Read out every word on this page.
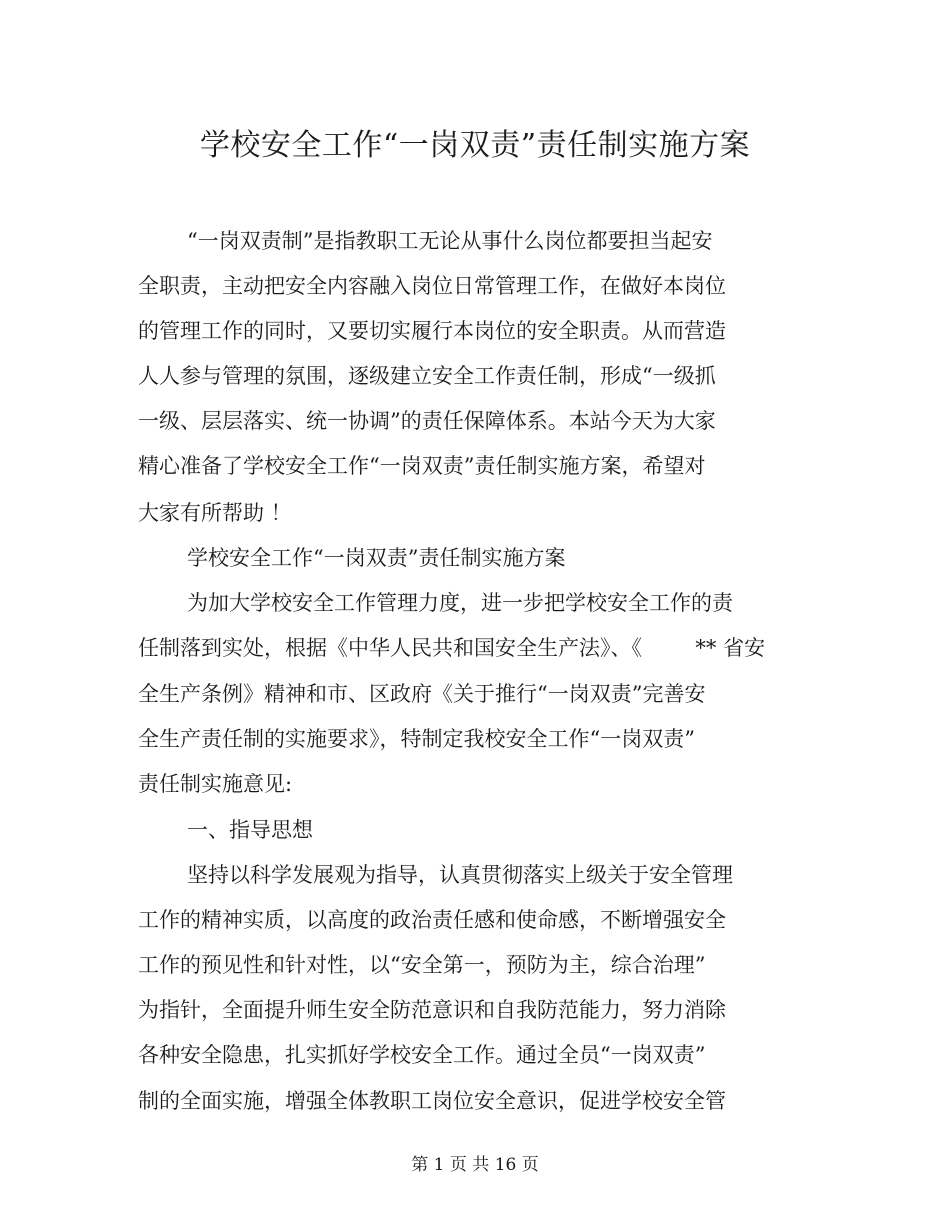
学校安全工作“一岗双责”责任制实施方案
“一岗双责制”是指教职工无论从事什么岗位都要担当起安
全职责，主动把安全内容融入岗位日常管理工作，在做好本岗位
的管理工作的同时，又要切实履行本岗位的安全职责。从而营造
人人参与管理的氛围，逐级建立安全工作责任制，形成“一级抓
一级、层层落实、统一协调”的责任保障体系。本站今天为大家
精心准备了学校安全工作“一岗双责”责任制实施方案，希望对
大家有所帮助 ！
学校安全工作“一岗双责”责任制实施方案
为加大学校安全工作管理力度，进一步把学校安全工作的责
任制落到实处，根据《中华人民共和国安全生产法》、《        ** 省安
全生产条例》精神和市、区政府《关于推行“一岗双责”完善安
全生产责任制的实施要求》，特制定我校安全工作“一岗双责”
责任制实施意见:
一、指导思想
坚持以科学发展观为指导，认真贯彻落实上级关于安全管理
工作的精神实质，以高度的政治责任感和使命感，不断增强安全
工作的预见性和针对性，以“安全第一，预防为主，综合治理”
为指针，全面提升师生安全防范意识和自我防范能力，努力消除
各种安全隐患，扎实抓好学校安全工作。通过全员“一岗双责”
制的全面实施，增强全体教职工岗位安全意识，促进学校安全管
第 1 页 共 16 页
